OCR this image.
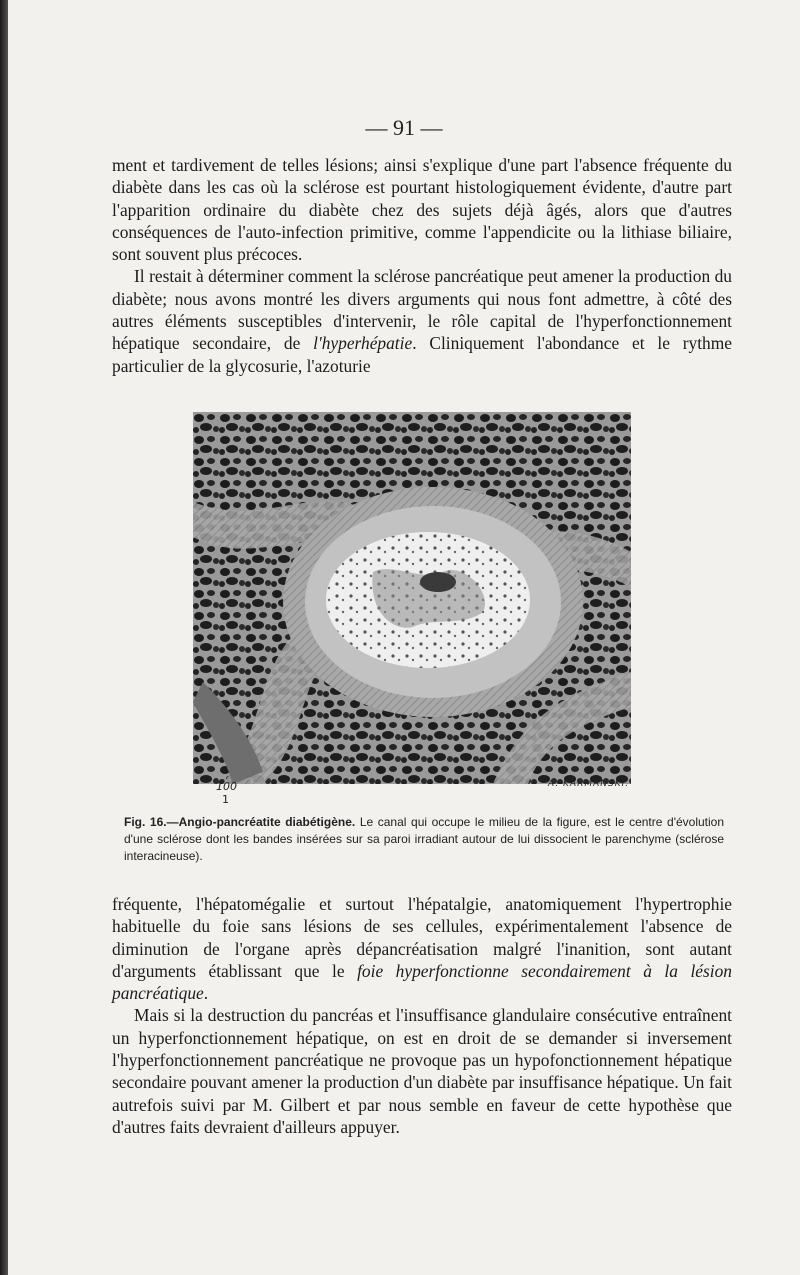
— 91 —

ment et tardivement de telles lésions; ainsi s'explique d'une part l'absence fréquente du diabète dans les cas où la sclérose est pourtant histologiquement évidente, d'autre part l'apparition ordinaire du diabète chez des sujets déjà âgés, alors que d'autres conséquences de l'auto-infection primitive, comme l'appendicite ou la lithiase biliaire, sont souvent plus précoces.

Il restait à déterminer comment la sclérose pancréatique peut amener la production du diabète; nous avons montré les divers arguments qui nous font admettre, à côté des autres éléments susceptibles d'intervenir, le rôle capital de l'hyperfonctionnement hépatique secondaire, de l'hyperhépatie. Cliniquement l'abondance et le rythme particulier de la glycosurie, l'azoturie

100
1
A. KARMANSKI.

Fig. 16.—Angio-pancréatite diabétigène. Le canal qui occupe le milieu de la figure, est le centre d'évolution d'une sclérose dont les bandes insérées sur sa paroi irradiant autour de lui dissocient le parenchyme (sclérose interacineuse).

fréquente, l'hépatomégalie et surtout l'hépatalgie, anatomiquement l'hypertrophie habituelle du foie sans lésions de ses cellules, expérimentalement l'absence de diminution de l'organe après dépancréatisation malgré l'inanition, sont autant d'arguments établissant que le foie hyperfonctionne secondairement à la lésion pancréatique.

Mais si la destruction du pancréas et l'insuffisance glandulaire consécutive entraînent un hyperfonctionnement hépatique, on est en droit de se demander si inversement l'hyperfonctionnement pancréatique ne provoque pas un hypofonctionnement hépatique secondaire pouvant amener la production d'un diabète par insuffisance hépatique. Un fait autrefois suivi par M. Gilbert et par nous semble en faveur de cette hypothèse que d'autres faits devraient d'ailleurs appuyer.
